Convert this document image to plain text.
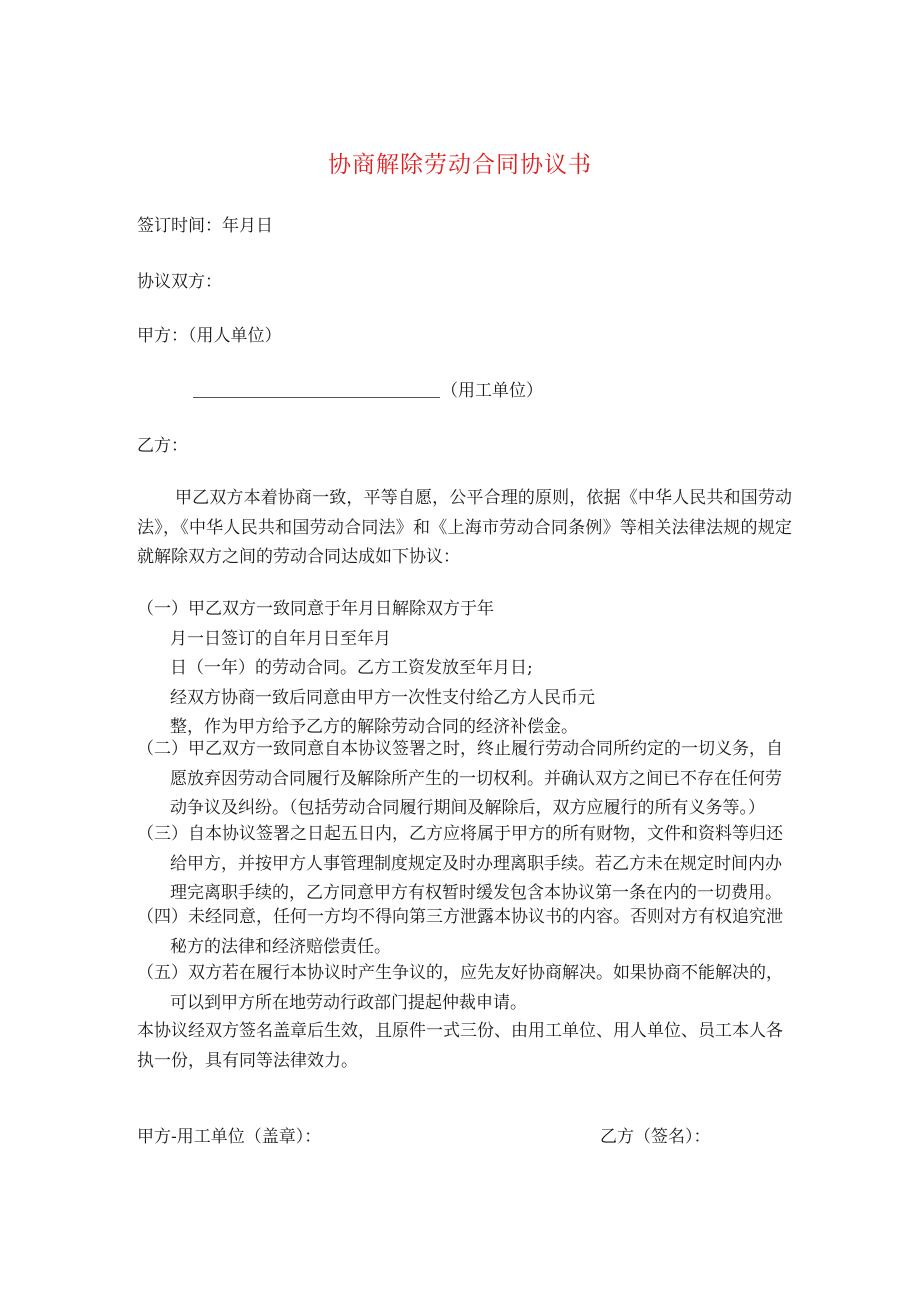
协商解除劳动合同协议书
签订时间：年月日
协议双方：
甲方：（用人单位）
（用工单位）
乙方：
甲乙双方本着协商一致，平等自愿，公平合理的原则，依据《中华人民共和国劳动法》，《中华人民共和国劳动合同法》和《上海市劳动合同条例》等相关法律法规的规定就解除双方之间的劳动合同达成如下协议：
（一）甲乙双方一致同意于年月日解除双方于年
月一日签订的自年月日至年月
日（一年）的劳动合同。乙方工资发放至年月日;
经双方协商一致后同意由甲方一次性支付给乙方人民币元
整，作为甲方给予乙方的解除劳动合同的经济补偿金。
（二）甲乙双方一致同意自本协议签署之时，终止履行劳动合同所约定的一切义务，自
愿放弃因劳动合同履行及解除所产生的一切权利。并确认双方之间已不存在任何劳
动争议及纠纷。（包括劳动合同履行期间及解除后，双方应履行的所有义务等。）
（三）自本协议签署之日起五日内，乙方应将属于甲方的所有财物，文件和资料等归还
给甲方，并按甲方人事管理制度规定及时办理离职手续。若乙方未在规定时间内办
理完离职手续的，乙方同意甲方有权暂时缓发包含本协议第一条在内的一切费用。
（四）未经同意，任何一方均不得向第三方泄露本协议书的内容。否则对方有权追究泄
秘方的法律和经济赔偿责任。
（五）双方若在履行本协议时产生争议的，应先友好协商解决。如果协商不能解决的，
可以到甲方所在地劳动行政部门提起仲裁申请。
本协议经双方签名盖章后生效，且原件一式三份、由用工单位、用人单位、员工本人各
执一份，具有同等法律效力。
甲方-用工单位（盖章）：	乙方（签名）：
